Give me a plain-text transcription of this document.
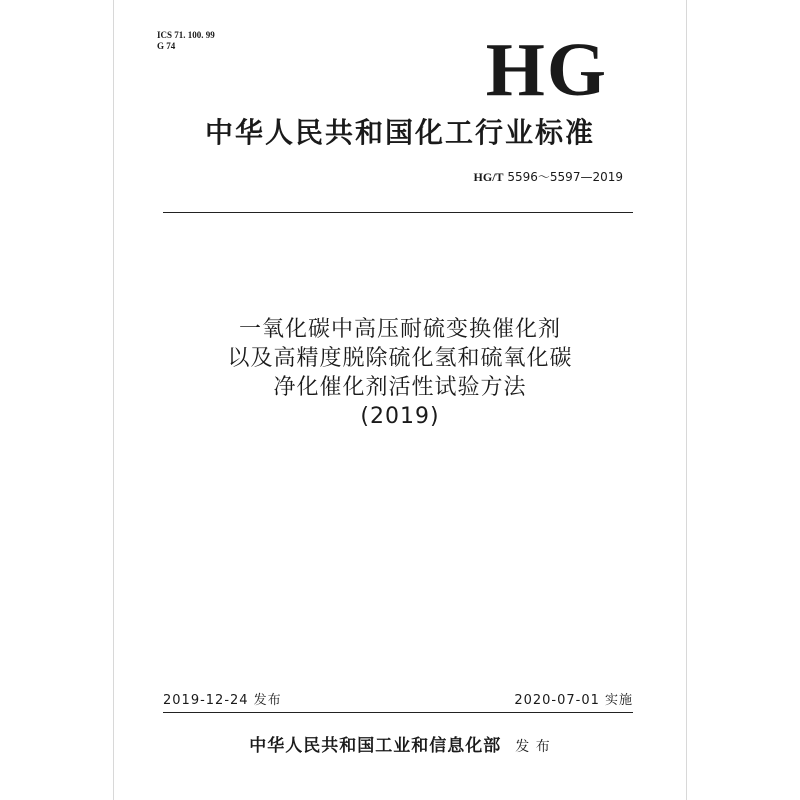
ICS 71. 100. 99
G 74	HG
中华人民共和国化工行业标准
HG/T 5596～5597—2019
一氧化碳中高压耐硫变换催化剂
以及高精度脱除硫化氢和硫氧化碳
净化催化剂活性试验方法
(2019)
2019-12-24 发布	2020-07-01 实施
中华人民共和国工业和信息化部 发 布
